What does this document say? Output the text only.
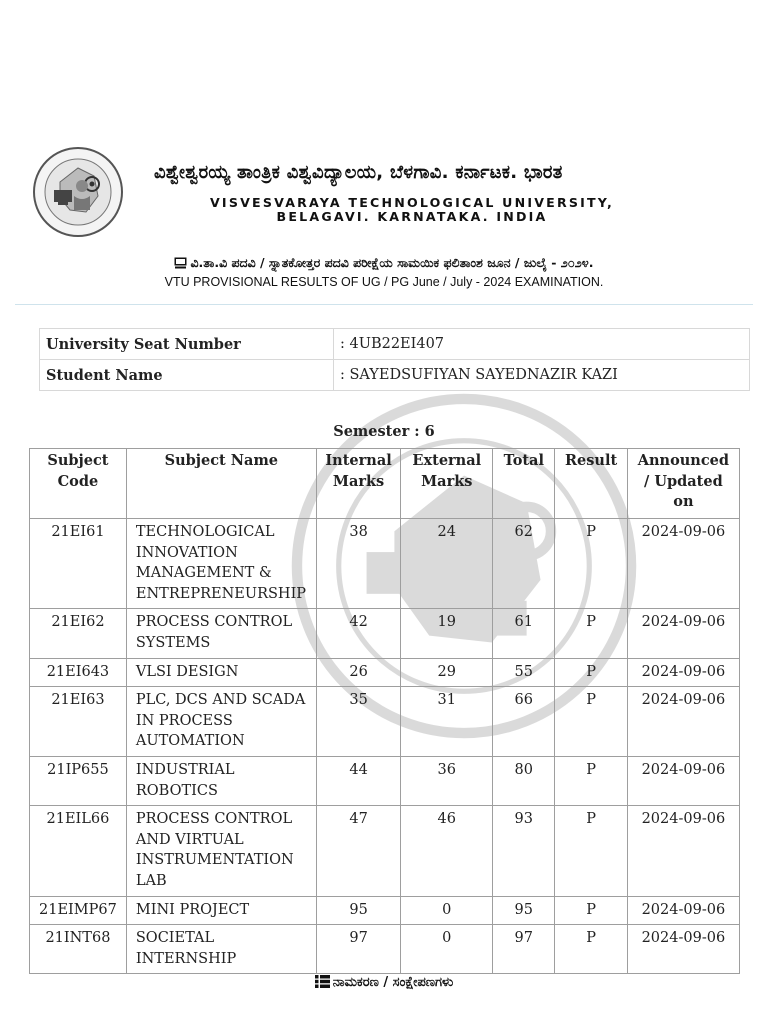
ವಿಶ್ವೇಶ್ವರಯ್ಯ ತಾಂತ್ರಿಕ ವಿಶ್ವವಿದ್ಯಾಲಯ, ಬೆಳಗಾವಿ. ಕರ್ನಾಟಕ. ಭಾರತ
VISVESVARAYA TECHNOLOGICAL UNIVERSITY,
BELAGAVI. KARNATAKA. INDIA
ವಿ.ತಾ.ವಿ ಪದವಿ / ಸ್ನಾತಕೋತ್ತರ ಪದವಿ ಪರೀಕ್ಷೆಯ ಸಾಮಯಿಕ ಫಲಿತಾಂಶ ಜೂನ / ಜುಲೈ - ೨೦೨೪.
VTU PROVISIONAL RESULTS OF UG / PG June / July - 2024 EXAMINATION.
University Seat Number	: 4UB22EI407
Student Name	: SAYEDSUFIYAN SAYEDNAZIR KAZI
Semester : 6
Subject Code	Subject Name	Internal Marks	External Marks	Total	Result	Announced / Updated on
21EI61	TECHNOLOGICAL INNOVATION MANAGEMENT & ENTREPRENEURSHIP	38	24	62	P	2024-09-06
21EI62	PROCESS CONTROL SYSTEMS	42	19	61	P	2024-09-06
21EI643	VLSI DESIGN	26	29	55	P	2024-09-06
21EI63	PLC, DCS AND SCADA IN PROCESS AUTOMATION	35	31	66	P	2024-09-06
21IP655	INDUSTRIAL ROBOTICS	44	36	80	P	2024-09-06
21EIL66	PROCESS CONTROL AND VIRTUAL INSTRUMENTATION LAB	47	46	93	P	2024-09-06
21EIMP67	MINI PROJECT	95	0	95	P	2024-09-06
21INT68	SOCIETAL INTERNSHIP	97	0	97	P	2024-09-06
ನಾಮಕರಣ / ಸಂಕ್ಷೇಪಣಗಳು
